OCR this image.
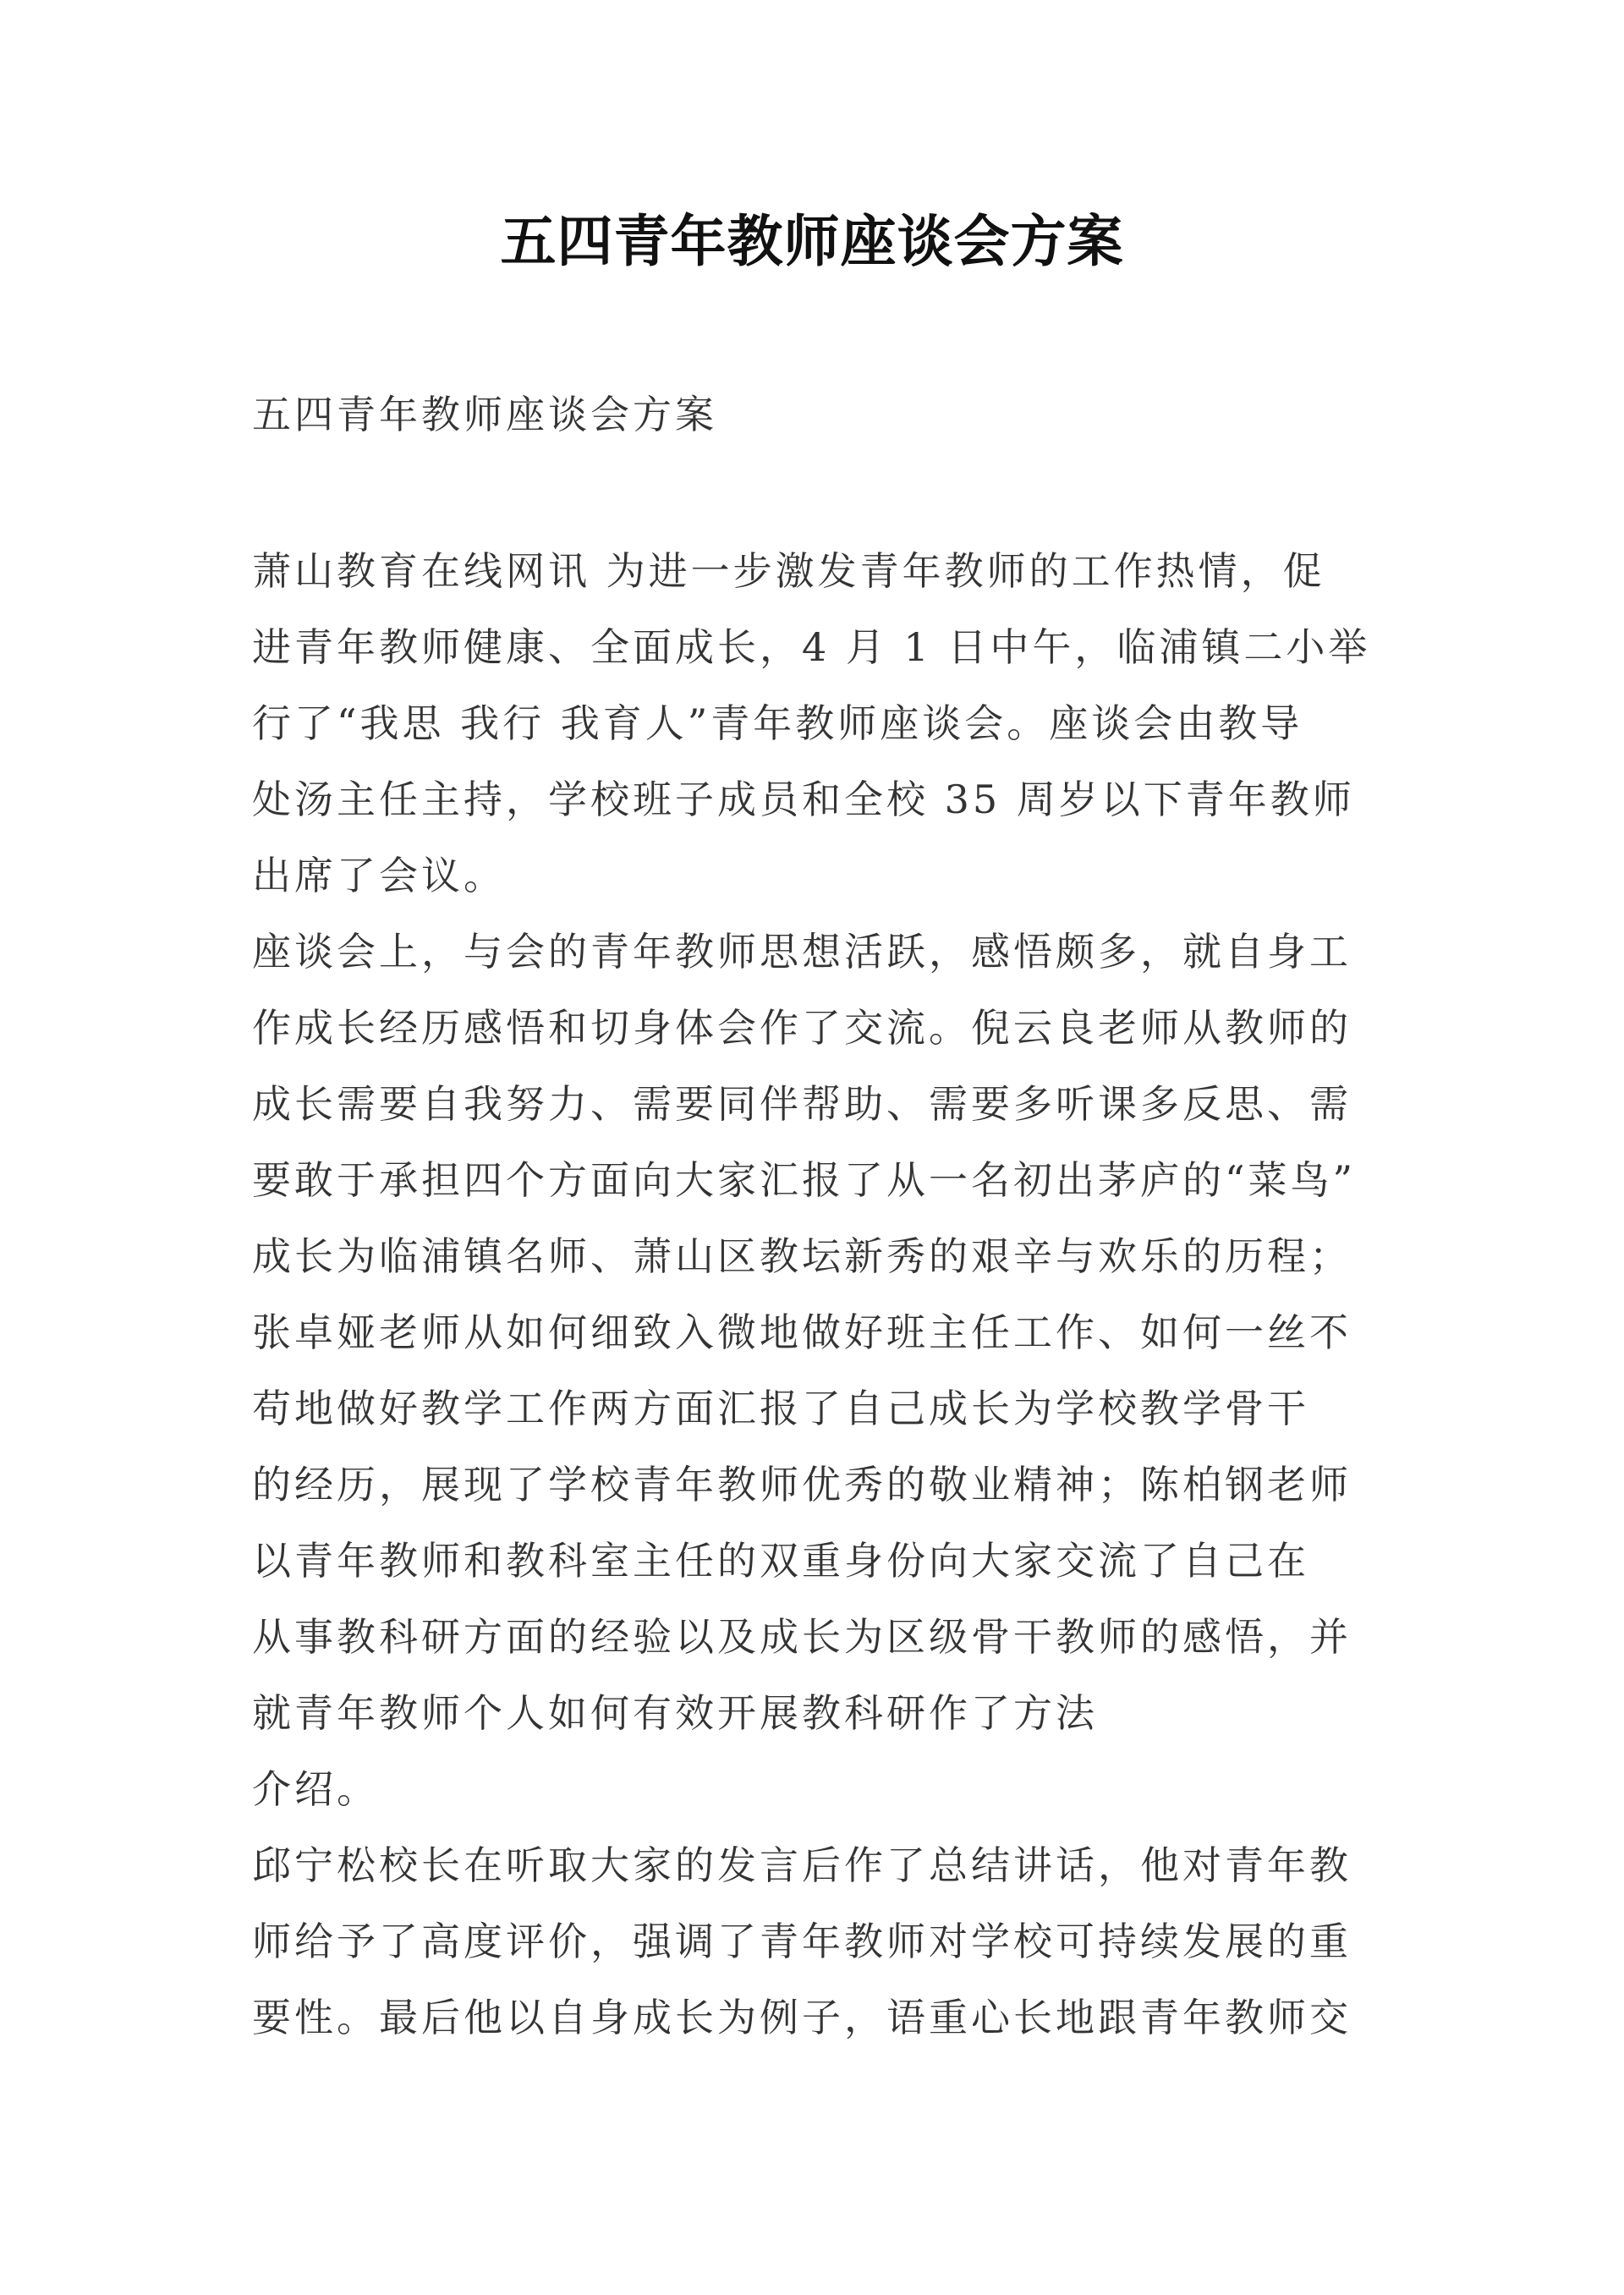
五四青年教师座谈会方案
五四青年教师座谈会方案
萧山教育在线网讯 为进一步激发青年教师的工作热情，促
进青年教师健康、全面成长，4 月 1 日中午，临浦镇二小举
行了“我思 我行 我育人”青年教师座谈会。座谈会由教导
处汤主任主持，学校班子成员和全校 35 周岁以下青年教师
出席了会议。
座谈会上，与会的青年教师思想活跃，感悟颇多，就自身工
作成长经历感悟和切身体会作了交流。倪云良老师从教师的
成长需要自我努力、需要同伴帮助、需要多听课多反思、需
要敢于承担四个方面向大家汇报了从一名初出茅庐的“菜鸟”
成长为临浦镇名师、萧山区教坛新秀的艰辛与欢乐的历程；
张卓娅老师从如何细致入微地做好班主任工作、如何一丝不
苟地做好教学工作两方面汇报了自己成长为学校教学骨干
的经历，展现了学校青年教师优秀的敬业精神；陈柏钢老师
以青年教师和教科室主任的双重身份向大家交流了自己在
从事教科研方面的经验以及成长为区级骨干教师的感悟，并
就青年教师个人如何有效开展教科研作了方法
介绍。
邱宁松校长在听取大家的发言后作了总结讲话，他对青年教
师给予了高度评价，强调了青年教师对学校可持续发展的重
要性。最后他以自身成长为例子，语重心长地跟青年教师交
